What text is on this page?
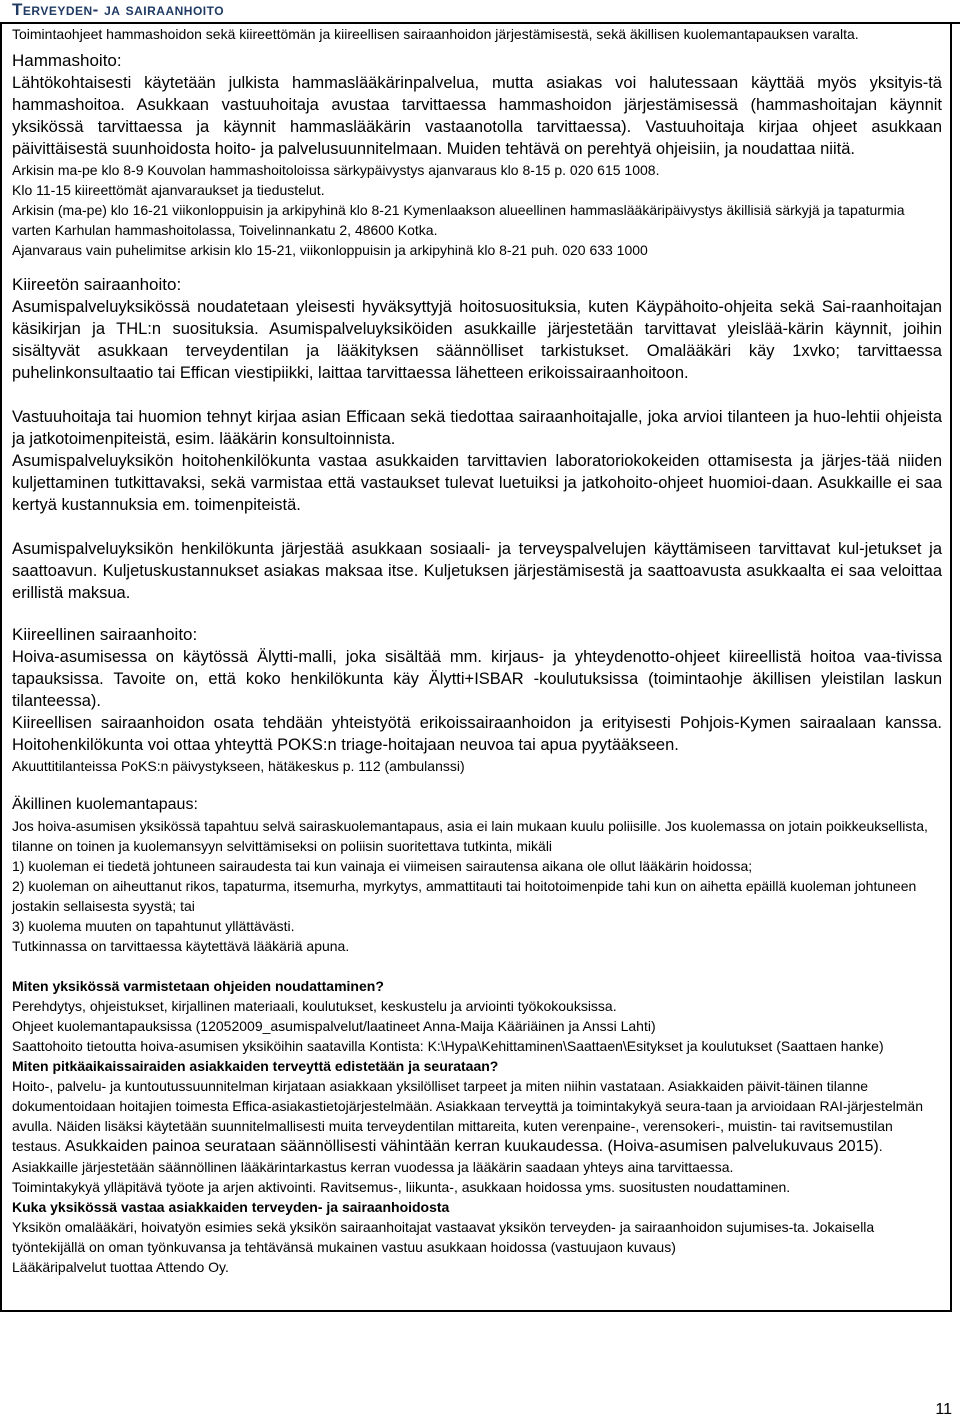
Terveyden- ja sairaanhoito

Toimintaohjeet hammashoidon sekä kiireettömän ja kiireellisen sairaanhoidon järjestämisestä, sekä äkillisen kuolemantapauksen varalta.

Hammashoito:

Lähtökohtaisesti käytetään julkista hammaslääkärinpalvelua, mutta asiakas voi halutessaan käyttää myös yksityis-tä hammashoitoa. Asukkaan vastuuhoitaja avustaa tarvittaessa hammashoidon järjestämisessä (hammashoitajan käynnit yksikössä tarvittaessa ja käynnit hammaslääkärin vastaanotolla tarvittaessa). Vastuuhoitaja kirjaa ohjeet asukkaan päivittäisestä suunhoidosta hoito- ja palvelusuunnitelmaan. Muiden tehtävä on perehtyä ohjeisiin, ja noudattaa niitä.

Arkisin ma-pe klo 8-9 Kouvolan hammashoitoloissa särkypäivystys ajanvaraus klo 8-15 p. 020 615 1008.

Klo 11-15 kiireettömät ajanvaraukset ja tiedustelut.

Arkisin (ma-pe) klo 16-21 viikonloppuisin ja arkipyhinä klo 8-21 Kymenlaakson alueellinen hammaslääkäripäivystys äkillisiä särkyjä ja tapaturmia varten Karhulan hammashoitolassa, Toivelinnankatu 2, 48600 Kotka.

Ajanvaraus vain puhelimitse arkisin klo 15-21, viikonloppuisin ja arkipyhinä klo 8-21 puh. 020 633 1000

Kiireetön sairaanhoito:

Asumispalveluyksikössä noudatetaan yleisesti hyväksyttyjä hoitosuosituksia, kuten Käypähoito-ohjeita sekä Sai-raanhoitajan käsikirjan ja THL:n suosituksia. Asumispalveluyksiköiden asukkaille järjestetään tarvittavat yleislää-kärin käynnit, joihin sisältyvät asukkaan terveydentilan ja lääkityksen säännölliset tarkistukset. Omalääkäri käy 1xvko; tarvittaessa puhelinkonsultaatio tai Effican viestipiikki, laittaa tarvittaessa lähetteen erikoissairaanhoitoon.

Vastuuhoitaja tai huomion tehnyt kirjaa asian Efficaan sekä tiedottaa sairaanhoitajalle, joka arvioi tilanteen ja huo-lehtii ohjeista ja jatkotoimenpiteistä, esim. lääkärin konsultoinnista.

Asumispalveluyksikön hoitohenkilökunta vastaa asukkaiden tarvittavien laboratoriokokeiden ottamisesta ja järjes-tää niiden kuljettaminen tutkittavaksi, sekä varmistaa että vastaukset tulevat luetuiksi ja jatkohoito-ohjeet huomioi-daan. Asukkaille ei saa kertyä kustannuksia em. toimenpiteistä.

Asumispalveluyksikön henkilökunta järjestää asukkaan sosiaali- ja terveyspalvelujen käyttämiseen tarvittavat kul-jetukset ja saattoavun. Kuljetuskustannukset asiakas maksaa itse. Kuljetuksen järjestämisestä ja saattoavusta asukkaalta ei saa veloittaa erillistä maksua.

Kiireellinen sairaanhoito:

Hoiva-asumisessa on käytössä Älytti-malli, joka sisältää mm. kirjaus- ja yhteydenotto-ohjeet kiireellistä hoitoa vaa-tivissa tapauksissa. Tavoite on, että koko henkilökunta käy Älytti+ISBAR -koulutuksissa (toimintaohje äkillisen yleistilan laskun tilanteessa).

Kiireellisen sairaanhoidon osata tehdään yhteistyötä erikoissairaanhoidon ja erityisesti Pohjois-Kymen sairaalaan kanssa. Hoitohenkilökunta voi ottaa yhteyttä POKS:n triage-hoitajaan neuvoa tai apua pyytääkseen.

Akuuttitilanteissa PoKS:n päivystykseen, hätäkeskus p. 112 (ambulanssi)

Äkillinen kuolemantapaus:

Jos hoiva-asumisen yksikössä tapahtuu selvä sairaskuolemantapaus, asia ei lain mukaan kuulu poliisille. Jos kuolemassa on jotain poikkeuksellista, tilanne on toinen ja kuolemansyyn selvittämiseksi on poliisin suoritettava tutkinta, mikäli

1) kuoleman ei tiedetä johtuneen sairaudesta tai kun vainaja ei viimeisen sairautensa aikana ole ollut lääkärin hoidossa;

2) kuoleman on aiheuttanut rikos, tapaturma, itsemurha, myrkytys, ammattitauti tai hoitotoimenpide tahi kun on aihetta epäillä kuoleman johtuneen jostakin sellaisesta syystä; tai

3) kuolema muuten on tapahtunut yllättävästi.

Tutkinnassa on tarvittaessa käytettävä lääkäriä apuna.

Miten yksikössä varmistetaan ohjeiden noudattaminen?

Perehdytys, ohjeistukset, kirjallinen materiaali, koulutukset, keskustelu ja arviointi työkokouksissa.

Ohjeet kuolemantapauksissa (12052009_asumispalvelut/laatineet Anna-Maija Kääriäinen ja Anssi Lahti)

Saattohoito tietoutta hoiva-asumisen yksiköihin saatavilla Kontista: K:\Hypa\Kehittaminen\Saattaen\Esitykset ja koulutukset (Saattaen hanke)

Miten pitkäaikaissairaiden asiakkaiden terveyttä edistetään ja seurataan?

Hoito-, palvelu- ja kuntoutussuunnitelman kirjataan asiakkaan yksilölliset tarpeet ja miten niihin vastataan. Asiakkaiden päivit-täinen tilanne dokumentoidaan hoitajien toimesta Effica-asiakastietojärjestelmään. Asiakkaan terveyttä ja toimintakykyä seura-taan ja arvioidaan RAI-järjestelmän avulla. Näiden lisäksi käytetään suunnitelmallisesti muita terveydentilan mittareita, kuten verenpaine-, verensokeri-, muistin- tai ravitsemustilan testaus. Asukkaiden painoa seurataan säännöllisesti vähintään kerran kuukaudessa. (Hoiva-asumisen palvelukuvaus 2015). Asiakkaille järjestetään säännöllinen lääkärintarkastus kerran vuodessa ja lääkärin saadaan yhteys aina tarvittaessa.

Toimintakykyä ylläpitävä työote ja arjen aktivointi. Ravitsemus-, liikunta-, asukkaan hoidossa yms. suositusten noudattaminen.

Kuka yksikössä vastaa asiakkaiden terveyden- ja sairaanhoidosta

Yksikön omalääkäri, hoivatyön esimies sekä yksikön sairaanhoitajat vastaavat yksikön terveyden- ja sairaanhoidon sujumises-ta. Jokaisella työntekijällä on oman työnkuvansa ja tehtävänsä mukainen vastuu asukkaan hoidossa (vastuujaon kuvaus)

Lääkäripalvelut tuottaa Attendo Oy.

11
